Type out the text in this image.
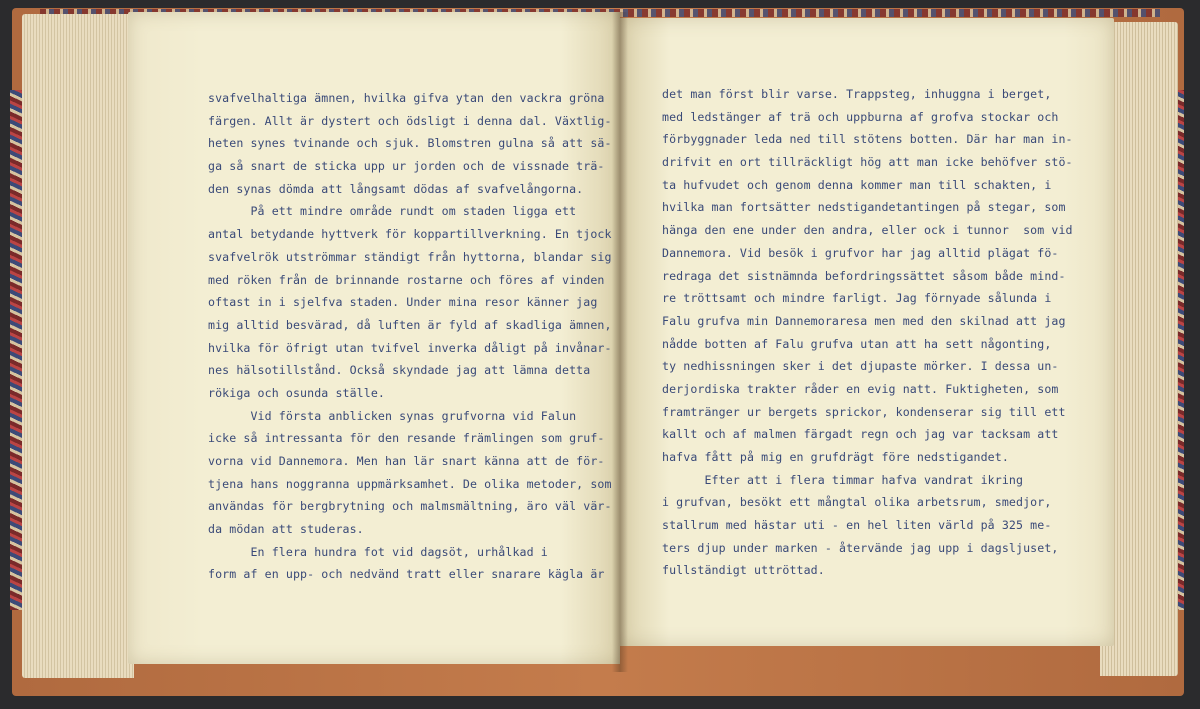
svafvelhaltiga ämnen, hvilka gifva ytan den vackra gröna
färgen. Allt är dystert och ödsligt i denna dal. Växtlig-
heten synes tvinande och sjuk. Blomstren gulna så att sä-
ga så snart de sticka upp ur jorden och de vissnade trä-
den synas dömda att långsamt dödas af svafvelångorna.
På ett mindre område rundt om staden ligga ett
antal betydande hyttverk för koppartillverkning. En tjock
svafvelrök utströmmar ständigt från hyttorna, blandar sig
med röken från de brinnande rostarne och föres af vinden
oftast in i sjelfva staden. Under mina resor känner jag
mig alltid besvärad, då luften är fyld af skadliga ämnen,
hvilka för öfrigt utan tvifvel inverka dåligt på invånar-
nes hälsotillstånd. Också skyndade jag att lämna detta
rökiga och osunda ställe.
Vid första anblicken synas grufvorna vid Falun
icke så intressanta för den resande främlingen som gruf-
vorna vid Dannemora. Men han lär snart känna att de för-
tjena hans noggranna uppmärksamhet. De olika metoder, som
användas för bergbrytning och malmsmältning, äro väl vär-
da mödan att studeras.
En flera hundra fot vid dagsöt, urhålkad i
form af en upp- och nedvänd tratt eller snarare kägla är
det man först blir varse. Trappsteg, inhuggna i berget,
med ledstänger af trä och uppburna af grofva stockar och
förbyggnader leda ned till stötens botten. Där har man in-
drifvit en ort tillräckligt hög att man icke behöfver stö-
ta hufvudet och genom denna kommer man till schakten, i
hvilka man fortsätter nedstigandetantingen på stegar, som
hänga den ene under den andra, eller ock i tunnor  som vid
Dannemora. Vid besök i grufvor har jag alltid plägat fö-
redraga det sistnämnda befordringssättet såsom både mind-
re tröttsamt och mindre farligt. Jag förnyade sålunda i
Falu grufva min Dannemoraresa men med den skilnad att jag
nådde botten af Falu grufva utan att ha sett någonting,
ty nedhissningen sker i det djupaste mörker. I dessa un-
derjordiska trakter råder en evig natt. Fuktigheten, som
framtränger ur bergets sprickor, kondenserar sig till ett
kallt och af malmen färgadt regn och jag var tacksam att
hafva fått på mig en grufdrägt före nedstigandet.
Efter att i flera timmar hafva vandrat ikring
i grufvan, besökt ett mångtal olika arbetsrum, smedjor,
stallrum med hästar uti - en hel liten värld på 325 me-
ters djup under marken - återvände jag upp i dagsljuset,
fullständigt uttröttad.
